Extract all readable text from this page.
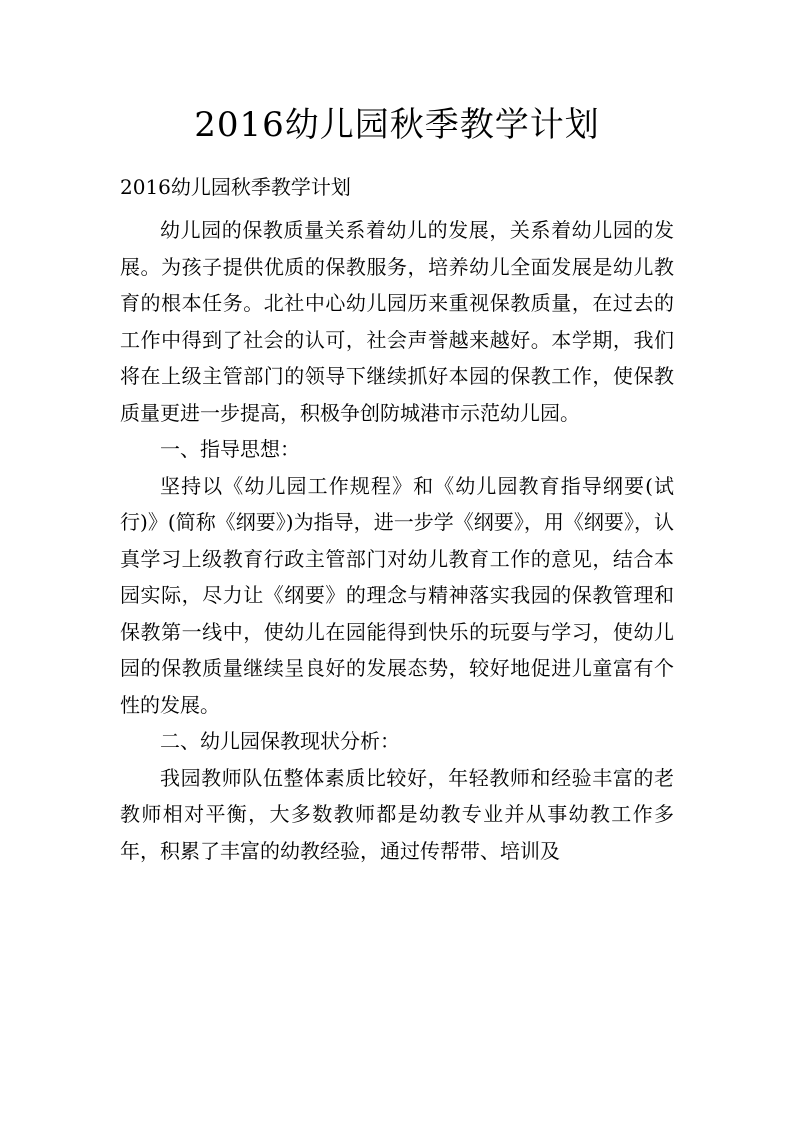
2016幼儿园秋季教学计划

2016幼儿园秋季教学计划

幼儿园的保教质量关系着幼儿的发展，关系着幼儿园的发展。为孩子提供优质的保教服务，培养幼儿全面发展是幼儿教育的根本任务。北社中心幼儿园历来重视保教质量，在过去的工作中得到了社会的认可，社会声誉越来越好。本学期，我们将在上级主管部门的领导下继续抓好本园的保教工作，使保教质量更进一步提高，积极争创防城港市示范幼儿园。

一、指导思想：

坚持以《幼儿园工作规程》和《幼儿园教育指导纲要(试行)》(简称《纲要》)为指导，进一步学《纲要》，用《纲要》，认真学习上级教育行政主管部门对幼儿教育工作的意见，结合本园实际，尽力让《纲要》的理念与精神落实我园的保教管理和保教第一线中，使幼儿在园能得到快乐的玩耍与学习，使幼儿园的保教质量继续呈良好的发展态势，较好地促进儿童富有个性的发展。

二、幼儿园保教现状分析：

我园教师队伍整体素质比较好，年轻教师和经验丰富的老教师相对平衡，大多数教师都是幼教专业并从事幼教工作多年，积累了丰富的幼教经验，通过传帮带、培训及
